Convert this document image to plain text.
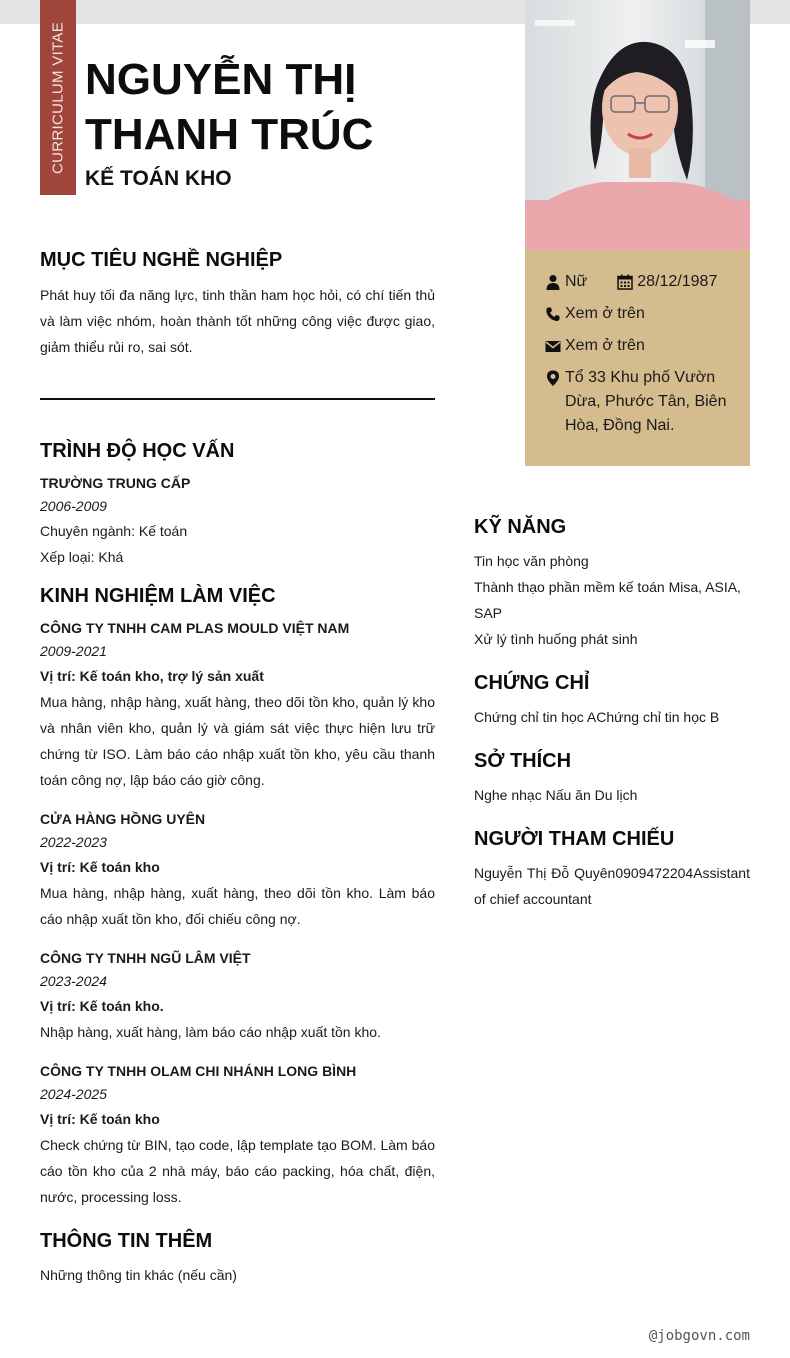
CURRICULUM VITAE NGUYỄN THỊ
THANH TRÚC
KẾ TOÁN KHO
Nữ	28/12/1987
Xem ở trên
Xem ở trên
Tổ 33 Khu phố Vườn Dừa, Phước Tân, Biên Hòa, Đồng Nai.
MỤC TIÊU NGHỀ NGHIỆP
Phát huy tối đa năng lực, tinh thần ham học hỏi, có chí tiến thủ và làm việc nhóm, hoàn thành tốt những công việc được giao, giảm thiểu rủi ro, sai sót.
TRÌNH ĐỘ HỌC VẤN
TRƯỜNG TRUNG CẤP
2006-2009
Chuyên ngành: Kế toán
Xếp loại: Khá
KINH NGHIỆM LÀM VIỆC
CÔNG TY TNHH CAM PLAS MOULD VIỆT NAM
2009-2021
Vị trí: Kế toán kho, trợ lý sản xuất
Mua hàng, nhập hàng, xuất hàng, theo dõi tồn kho, quản lý kho và nhân viên kho, quản lý và giám sát việc thực hiện lưu trữ chứng từ ISO. Làm báo cáo nhập xuất tồn kho, yêu cầu thanh toán công nợ, lập báo cáo giờ công.
CỬA HÀNG HỒNG UYÊN
2022-2023
Vị trí: Kế toán kho
Mua hàng, nhập hàng, xuất hàng, theo dõi tồn kho. Làm báo cáo nhập xuất tồn kho, đối chiếu công nợ.
CÔNG TY TNHH NGŨ LÂM VIỆT
2023-2024
Vị trí: Kế toán kho.
Nhập hàng, xuất hàng, làm báo cáo nhập xuất tồn kho.
CÔNG TY TNHH OLAM CHI NHÁNH LONG BÌNH
2024-2025
Vị trí: Kế toán kho
Check chứng từ BIN, tạo code, lập template tạo BOM. Làm báo cáo tồn kho của 2 nhà máy, báo cáo packing, hóa chất, điện, nước, processing loss.
THÔNG TIN THÊM
Những thông tin khác (nếu cần)
KỸ NĂNG
Tin học văn phòng
Thành thạo phần mềm kế toán Misa, ASIA, SAP
Xử lý tình huống phát sinh
CHỨNG CHỈ
Chứng chỉ tin học AChứng chỉ tin học B
SỞ THÍCH
Nghe nhạc Nấu ăn Du lịch
NGƯỜI THAM CHIẾU
Nguyễn Thị Đỗ Quyên0909472204Assistant of chief accountant
@jobgovn.com
